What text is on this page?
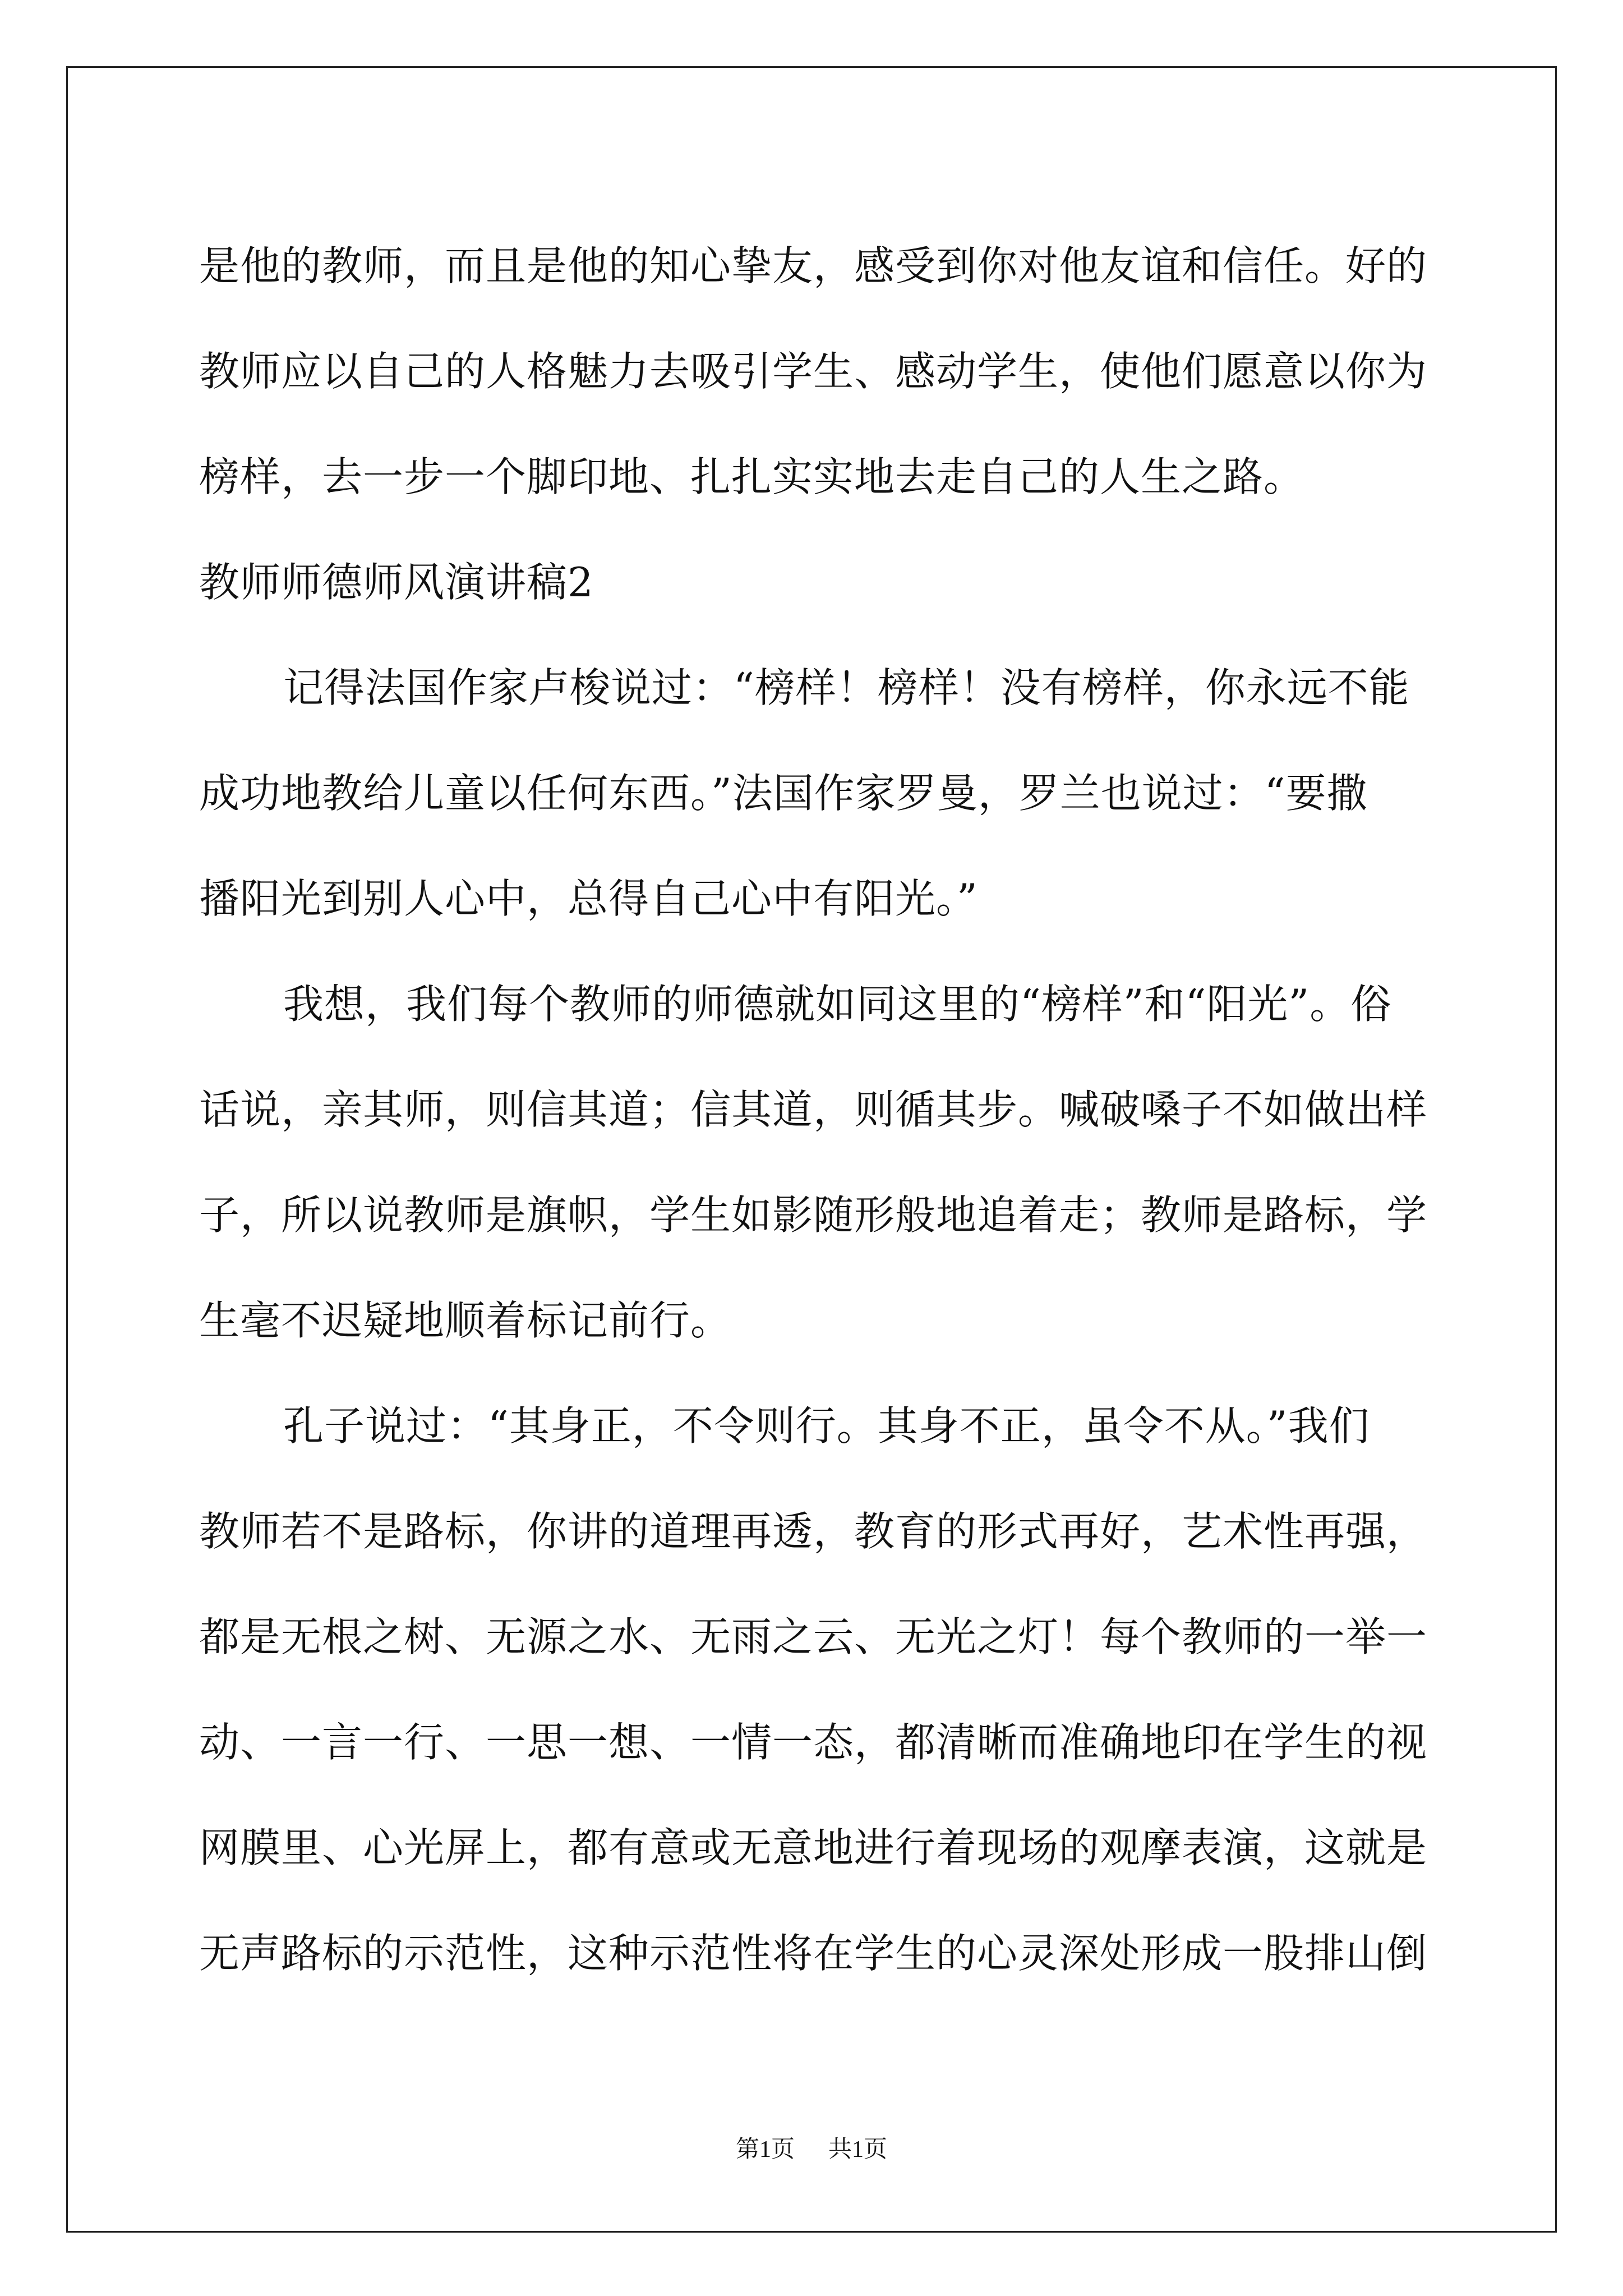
是他的教师，而且是他的知心挚友，感受到你对他友谊和信任。好的
教师应以自己的人格魅力去吸引学生、感动学生，使他们愿意以你为
榜样，去一步一个脚印地、扎扎实实地去走自己的人生之路。
教师师德师风演讲稿2
记得法国作家卢梭说过：“榜样！榜样！没有榜样，你永远不能
成功地教给儿童以任何东西。”法国作家罗曼，罗兰也说过：“要撒
播阳光到别人心中，总得自己心中有阳光。”
我想，我们每个教师的师德就如同这里的“榜样”和“阳光”。俗
话说，亲其师，则信其道；信其道，则循其步。喊破嗓子不如做出样
子，所以说教师是旗帜，学生如影随形般地追着走；教师是路标，学
生毫不迟疑地顺着标记前行。
孔子说过：“其身正，不令则行。其身不正，虽令不从。”我们
教师若不是路标，你讲的道理再透，教育的形式再好，艺术性再强，
都是无根之树、无源之水、无雨之云、无光之灯！每个教师的一举一
动、一言一行、一思一想、一情一态，都清晰而准确地印在学生的视
网膜里、心光屏上，都有意或无意地进行着现场的观摩表演，这就是
无声路标的示范性，这种示范性将在学生的心灵深处形成一股排山倒
第1页 共1页
